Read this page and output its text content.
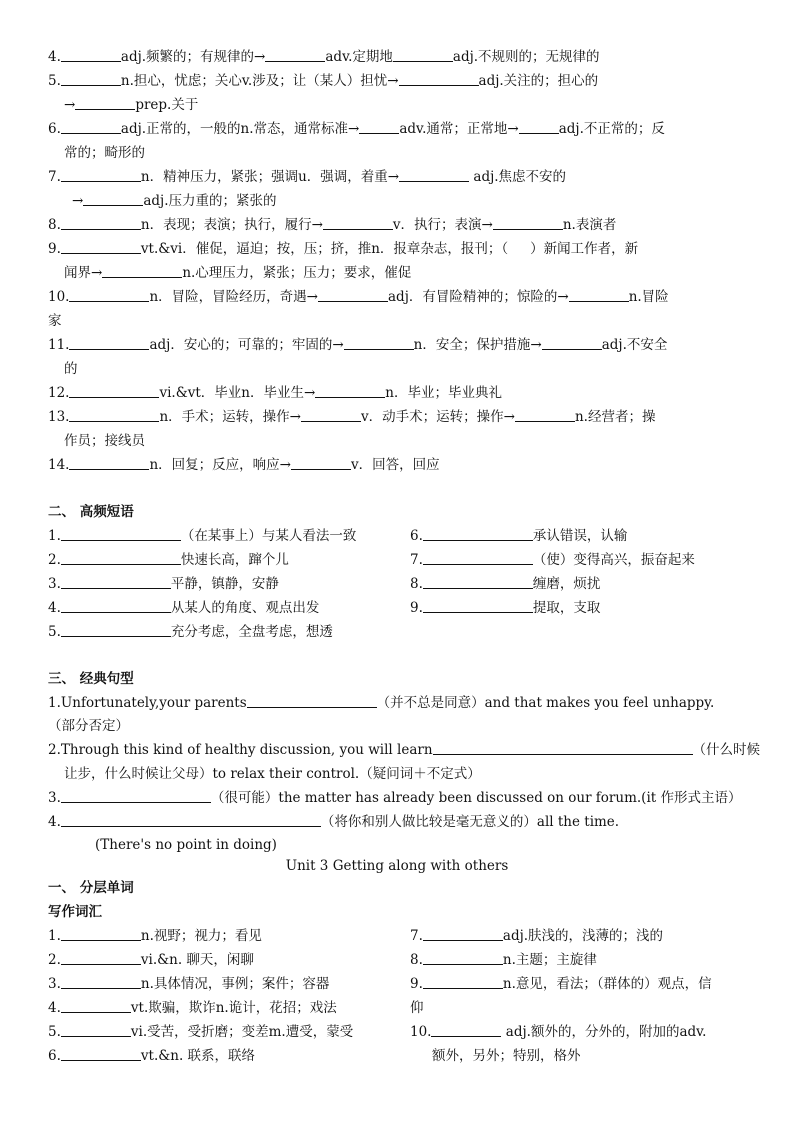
4.	adj.频繁的；有规律的→	adv.定期地	adj.不规则的；无规律的
5.	n.担心，忧虑；关心v.涉及；让（某人）担忧→	adj.关注的；担心的
→	prep.关于
6.	adj.正常的，一般的n.常态，通常标准→	adv.通常；正常地→	adj.不正常的；反
常的；畸形的
7.	n．精神压力，紧张；强调u．强调，着重→	adj.焦虑不安的
→	adj.压力重的；紧张的
8.	n．表现；表演；执行，履行→	v．执行；表演→	n.表演者
9.	vt.&vi．催促，逼迫；按，压；挤，推n．报章杂志，报刊；（ ）新闻工作者，新
闻界→	n.心理压力，紧张；压力；要求，催促
10.	n．冒险，冒险经历，奇遇→	adj．有冒险精神的；惊险的→	n.冒险
家
11.	adj．安心的；可靠的；牢固的→	n．安全；保护措施→	adj.不安全
的
12.	vi.&vt．毕业n．毕业生→	n．毕业；毕业典礼
13.	n．手术；运转，操作→	v．动手术；运转；操作→	n.经营者；操
作员；接线员
14.	n．回复；反应，响应→	v．回答，回应
二、 高频短语
1.	（在某事上）与某人看法一致
2.	快速长高，蹿个儿
3.	平静，镇静，安静
4.	从某人的角度、观点出发
5.	充分考虑，全盘考虑，想透
6.	承认错误，认输
7.	（使）变得高兴，振奋起来
8.	缠磨，烦扰
9.	提取，支取
三、 经典句型
1.Unfortunately,your parents	（并不总是同意）and that makes you feel unhappy.
（部分否定）
2.Through this kind of healthy discussion, you will learn	（什么时候
让步，什么时候让父母）to relax their control.（疑问词＋不定式）
3.	（很可能）the matter has already been discussed on our forum.(it 作形式主语）
4.	（将你和别人做比较是毫无意义的）all the time.
(There's no point in doing)
Unit 3 Getting along with others
一、 分层单词
写作词汇
1.	n.视野；视力；看见
2.	vi.&n. 聊天，闲聊
3.	n.具体情况，事例；案件；容器
4.	vt.欺骗，欺诈n.诡计，花招；戏法
5.	vi.受苦，受折磨；变差m.遭受，蒙受
6.	vt.&n. 联系，联络
7.	adj.肤浅的，浅薄的；浅的
8.	n.主题；主旋律
9.	n.意见，看法；（群体的）观点，信
仰
10.	adj.额外的，分外的，附加的adv.
额外，另外；特别，格外
